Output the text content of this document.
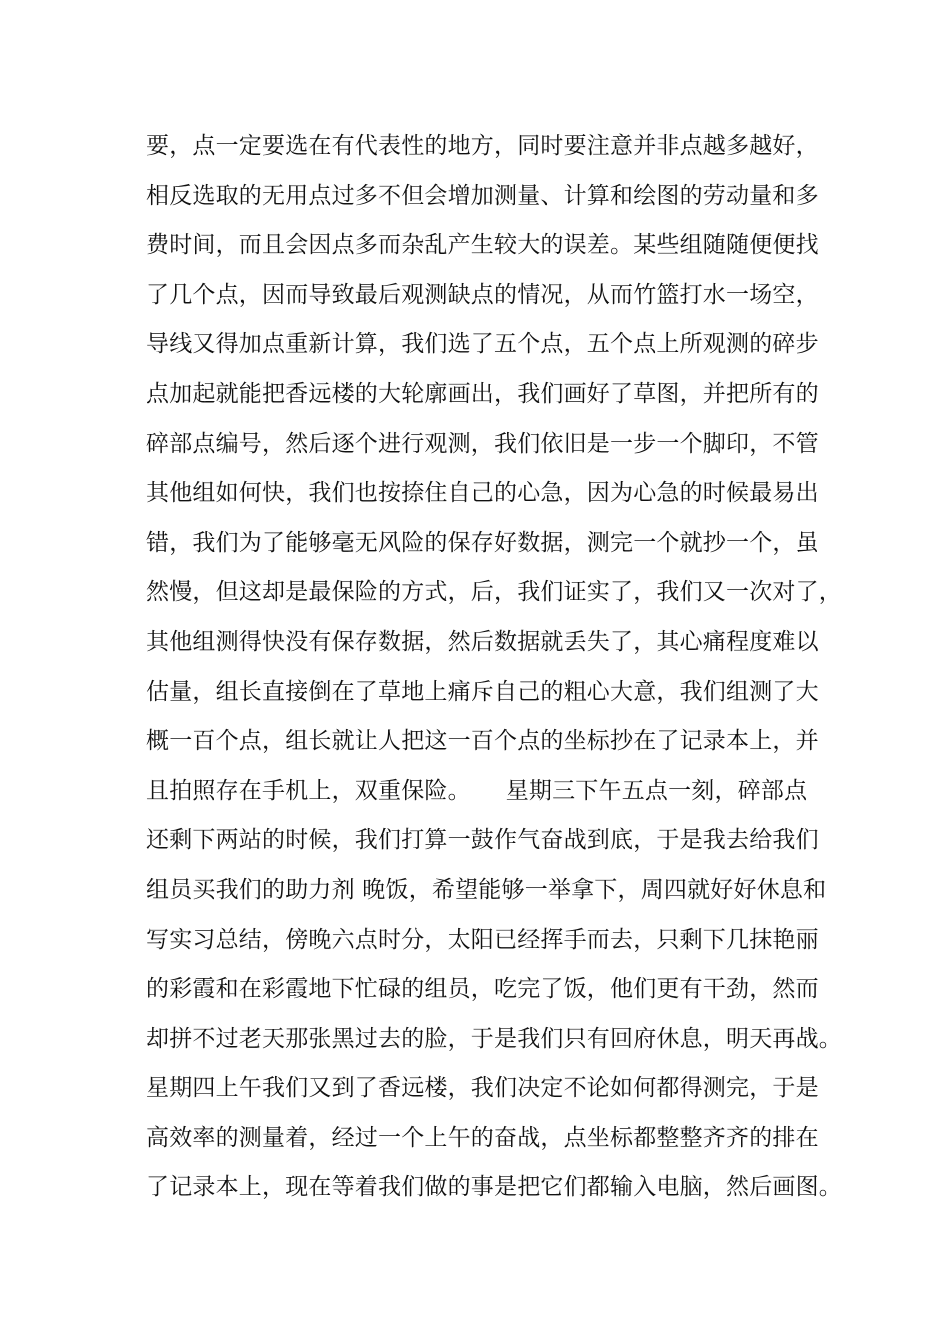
要，点一定要选在有代表性的地方，同时要注意并非点越多越好，
相反选取的无用点过多不但会增加测量、计算和绘图的劳动量和多
费时间，而且会因点多而杂乱产生较大的误差。某些组随随便便找
了几个点，因而导致最后观测缺点的情况，从而竹篮打水一场空，
导线又得加点重新计算，我们选了五个点，五个点上所观测的碎步
点加起就能把香远楼的大轮廓画出，我们画好了草图，并把所有的
碎部点编号，然后逐个进行观测，我们依旧是一步一个脚印，不管
其他组如何快，我们也按捺住自己的心急，因为心急的时候最易出
错，我们为了能够毫无风险的保存好数据，测完一个就抄一个，虽
然慢，但这却是最保险的方式，后，我们证实了，我们又一次对了，
其他组测得快没有保存数据，然后数据就丢失了，其心痛程度难以
估量，组长直接倒在了草地上痛斥自己的粗心大意，我们组测了大
概一百个点，组长就让人把这一百个点的坐标抄在了记录本上，并
且拍照存在手机上，双重保险。　　星期三下午五点一刻，碎部点
还剩下两站的时候，我们打算一鼓作气奋战到底，于是我去给我们
组员买我们的助力剂 晚饭，希望能够一举拿下，周四就好好休息和
写实习总结，傍晚六点时分，太阳已经挥手而去，只剩下几抹艳丽
的彩霞和在彩霞地下忙碌的组员，吃完了饭，他们更有干劲，然而
却拼不过老天那张黑过去的脸，于是我们只有回府休息，明天再战。
星期四上午我们又到了香远楼，我们决定不论如何都得测完，于是
高效率的测量着，经过一个上午的奋战，点坐标都整整齐齐的排在
了记录本上，现在等着我们做的事是把它们都输入电脑，然后画图。
